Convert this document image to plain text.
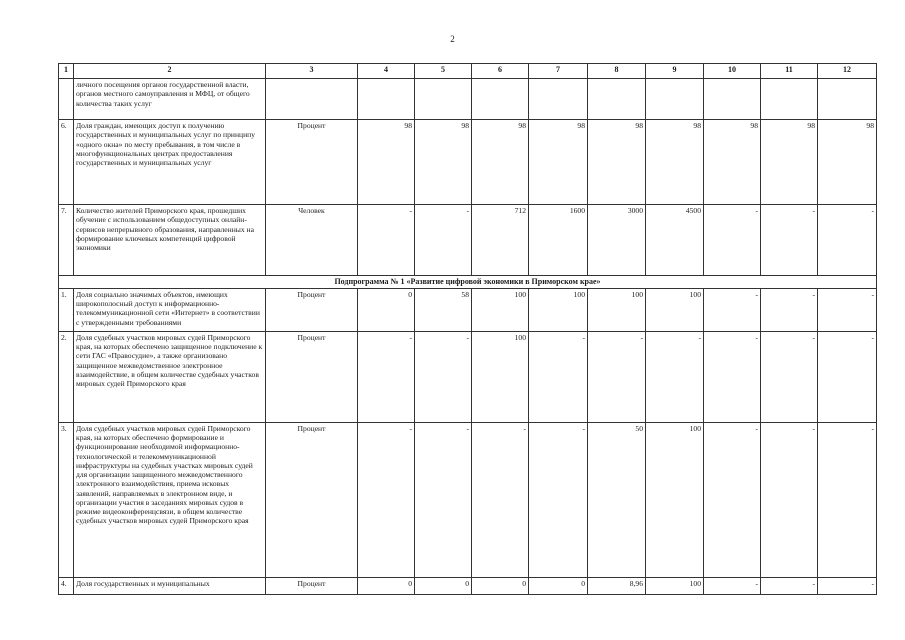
2
1	2	3	4	5	6	7	8	9	10	11	12
	личного посещения органов государственной власти, органов местного самоуправления и МФЦ, от общего количества таких услуг										
6.	Доля граждан, имеющих доступ к получению государственных и муниципальных услуг по принципу «одного окна» по месту пребывания, в том числе в многофункциональных центрах предоставления государственных и муниципальных услуг	Процент	98	98	98	98	98	98	98	98	98
7.	Количество жителей Приморского края, прошедших обучение с использованием общедоступных онлайн-сервисов непрерывного образования, направленных на формирование ключевых компетенций цифровой экономики	Человек	-	-	712	1600	3000	4500	-	-	-
Подпрограмма № 1 «Развитие цифровой экономики в Приморском крае»											
1.	Доля социально значимых объектов, имеющих широкополосный доступ к информационно-телекоммуникационной сети «Интернет» в соответствии с утвержденными требованиями	Процент	0	58	100	100	100	100	-	-	-
2.	Доля судебных участков мировых судей Приморского края, на которых обеспечено защищенное подключение к сети ГАС «Правосудие», а также организовано защищенное межведомственное электронное взаимодействие, в общем количестве судебных участков мировых судей Приморского края	Процент	-	-	100	-	-	-	-	-	-
3.	Доля судебных участков мировых судей Приморского края, на которых обеспечено формирование и функционирование необходимой информационно-технологической и телекоммуникационной инфраструктуры на судебных участках мировых судей для организации защищенного межведомственного электронного взаимодействия, приема исковых заявлений, направляемых в электронном виде, и организации участия в заседаниях мировых судов в режиме видеоконференцсвязи, в общем количестве судебных участков мировых судей Приморского края	Процент	-	-	-	-	50	100	-	-	-
4.	Доля государственных и муниципальных	Процент	0	0	0	0	8,96	100	-	-	-
